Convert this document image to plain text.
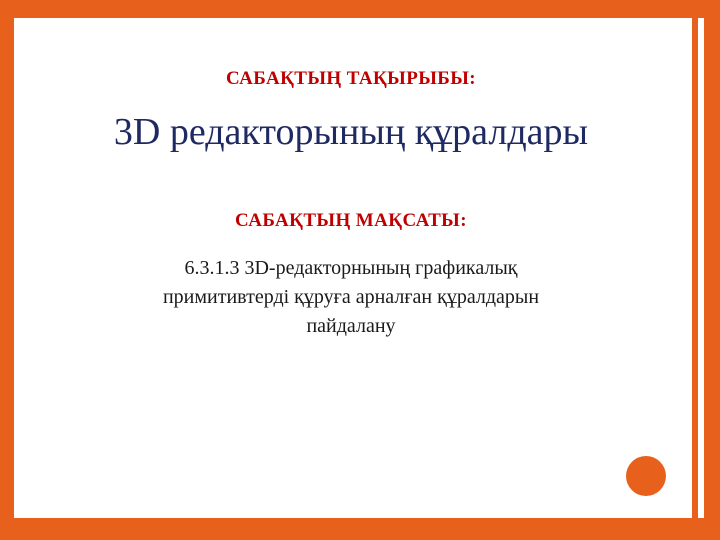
САБАҚТЫҢ ТАҚЫРЫБЫ:
3D редакторының құралдары
САБАҚТЫҢ МАҚСАТЫ:
6.3.1.3 3D-редакторнының графикалық примитивтерді құруға арналған құралдарын пайдалану
